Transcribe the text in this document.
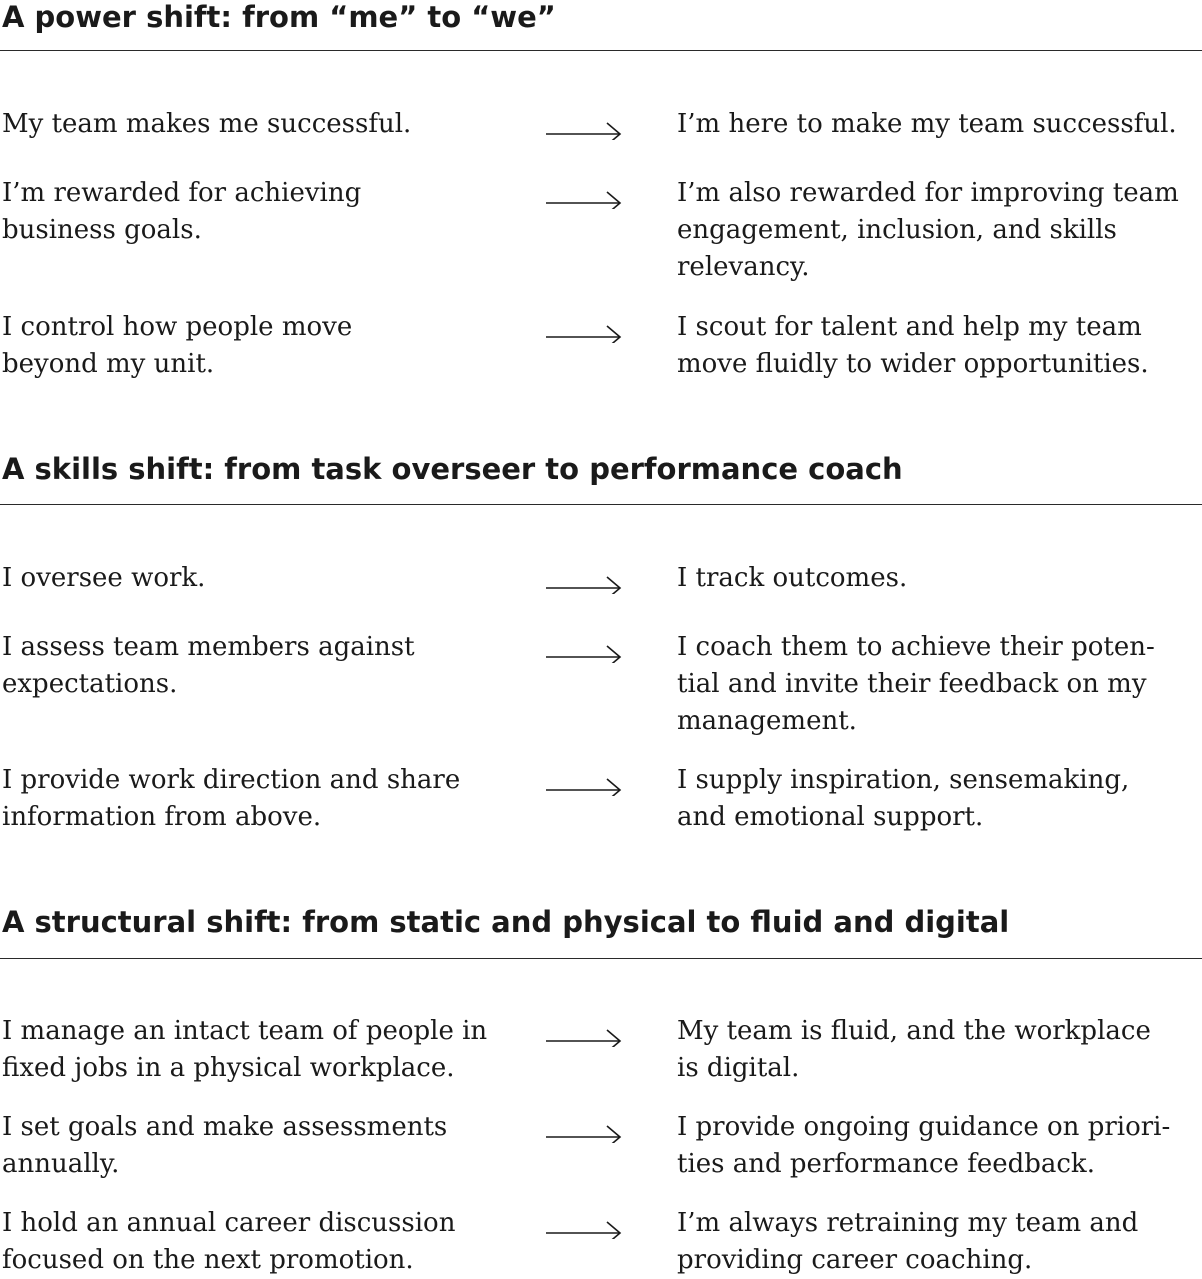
A power shift: from “me” to “we”
My team makes me successful.	I’m here to make my team successful.
I’m rewarded for achieving
business goals.
I’m also rewarded for improving team
engagement, inclusion, and skills
relevancy.
I control how people move
beyond my unit.
I scout for talent and help my team
move fluidly to wider opportunities.
A skills shift: from task overseer to performance coach
I oversee work.	I track outcomes.
I assess team members against
expectations.
I coach them to achieve their poten-
tial and invite their feedback on my
management.
I provide work direction and share
information from above.
I supply inspiration, sensemaking,
and emotional support.
A structural shift: from static and physical to fluid and digital
I manage an intact team of people in
fixed jobs in a physical workplace.
My team is fluid, and the workplace
is digital.
I set goals and make assessments
annually.
I provide ongoing guidance on priori-
ties and performance feedback.
I hold an annual career discussion
focused on the next promotion.
I’m always retraining my team and
providing career coaching.
